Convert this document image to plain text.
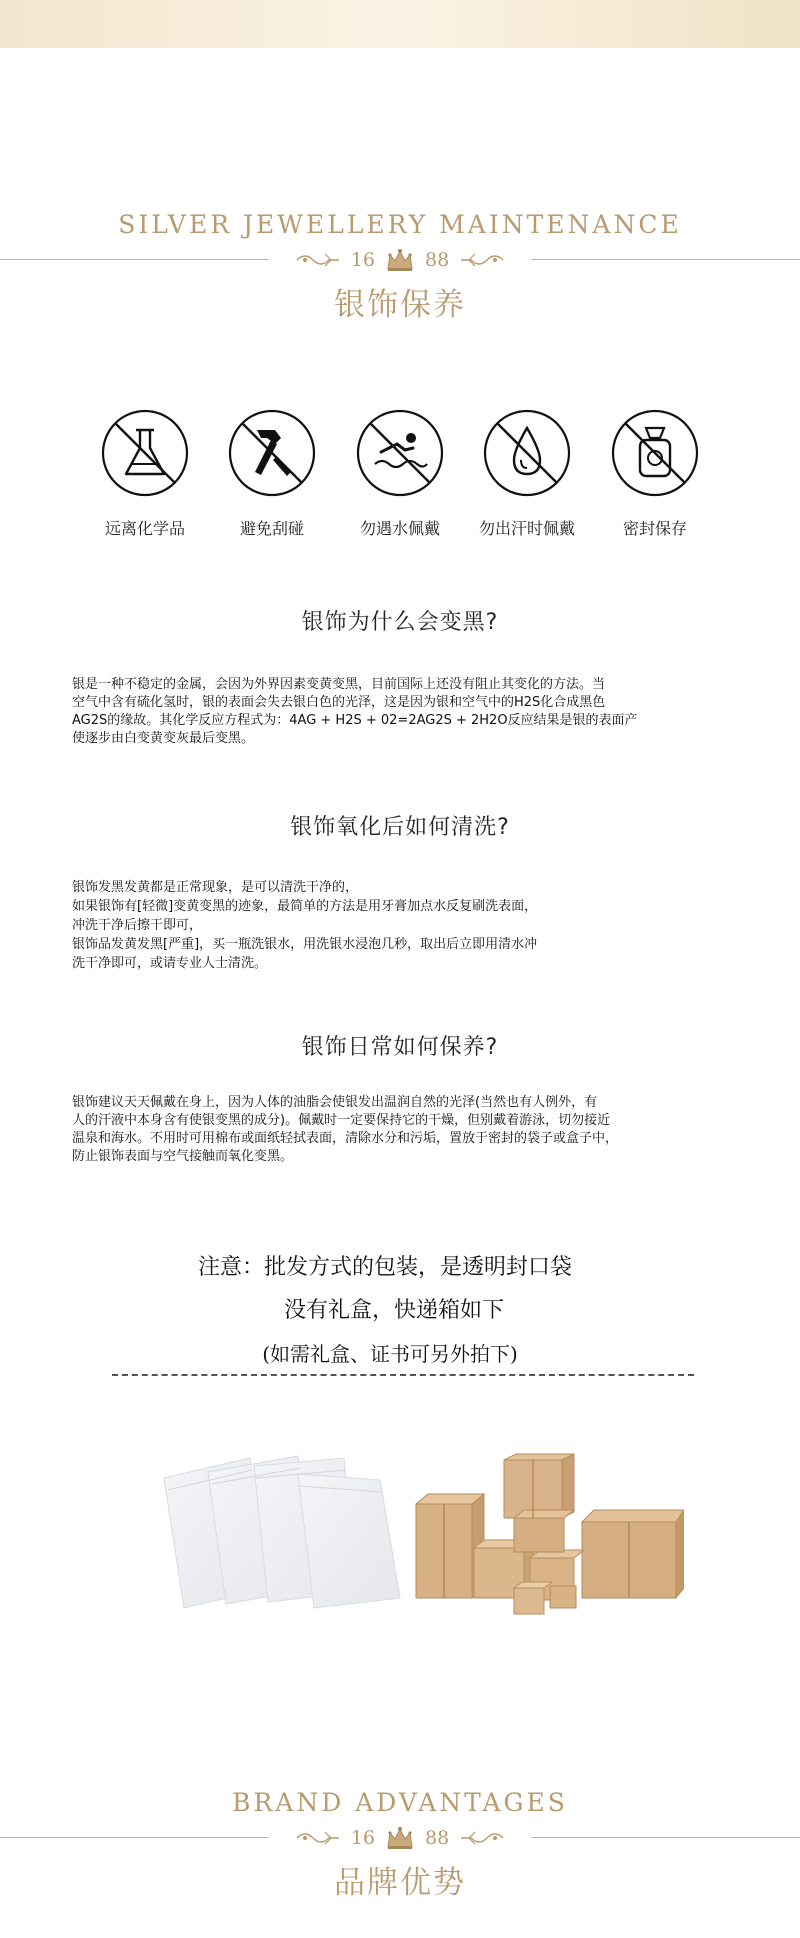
SILVER JEWELLERY MAINTENANCE
16	88
银饰保养
远离化学品	避免刮碰	勿遇水佩戴	勿出汗时佩戴	密封保存
银饰为什么会变黑?
银是一种不稳定的金属，会因为外界因素变黄变黑，目前国际上还没有阻止其变化的方法。当
空气中含有硫化氢时，银的表面会失去银白色的光泽，这是因为银和空气中的H2S化合成黑色
AG2S的缘故。其化学反应方程式为：4AG + H2S + 02=2AG2S + 2H2O反应结果是银的表面产
使逐步由白变黄变灰最后变黑。
银饰氧化后如何清洗?
银饰发黑发黄都是正常现象，是可以清洗干净的，
如果银饰有[轻微]变黄变黑的迹象，最简单的方法是用牙膏加点水反复刷洗表面，
冲洗干净后擦干即可，
银饰品发黄发黑[严重]，买一瓶洗银水，用洗银水浸泡几秒，取出后立即用清水冲
洗干净即可，或请专业人士清洗。
银饰日常如何保养?
银饰建议天天佩戴在身上，因为人体的油脂会使银发出温润自然的光泽(当然也有人例外，有
人的汗液中本身含有使银变黑的成分)。佩戴时一定要保持它的干燥，但别戴着游泳，切勿接近
温泉和海水。不用时可用棉布或面纸轻拭表面，清除水分和污垢，置放于密封的袋子或盒子中，
防止银饰表面与空气接触而氧化变黑。
注意：批发方式的包装，是透明封口袋
没有礼盒，快递箱如下
(如需礼盒、证书可另外拍下)
BRAND ADVANTAGES
16	88
品牌优势
